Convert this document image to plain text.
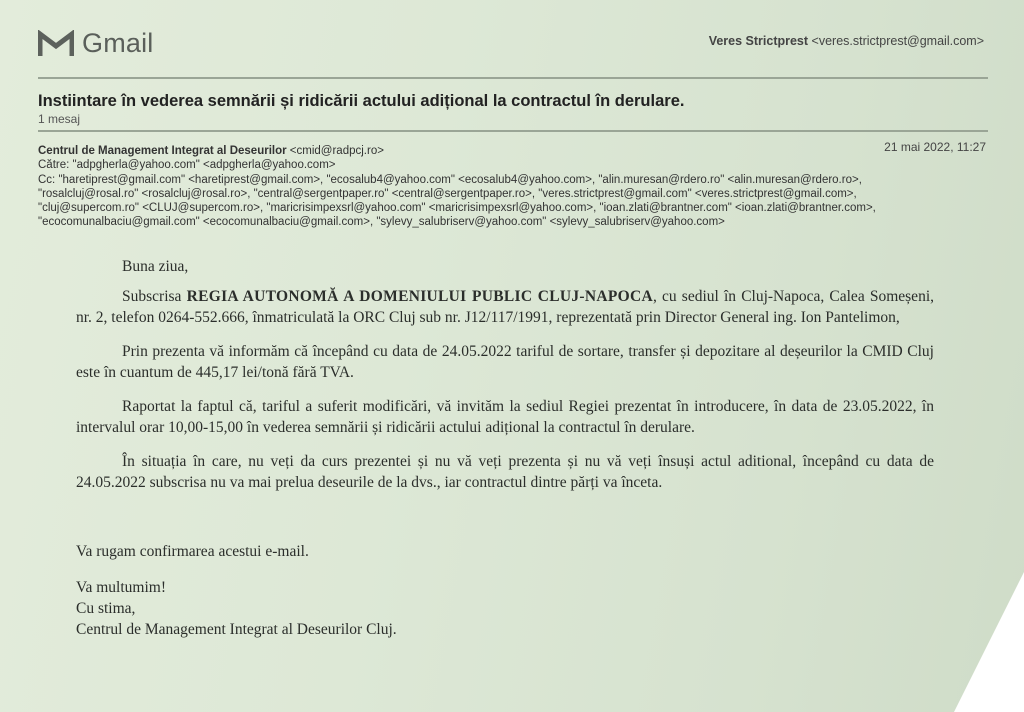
Gmail	Veres Strictprest <veres.strictprest@gmail.com>
Instiintare în vederea semnării și ridicării actului adițional la contractul în derulare.
1 mesaj
21 mai 2022, 11:27
Centrul de Management Integrat al Deseurilor <cmid@radpcj.ro>
Către: "adpgherla@yahoo.com" <adpgherla@yahoo.com>
Cc: "haretiprest@gmail.com" <haretiprest@gmail.com>, "ecosalub4@yahoo.com" <ecosalub4@yahoo.com>, "alin.muresan@rdero.ro" <alin.muresan@rdero.ro>,
"rosalcluj@rosal.ro" <rosalcluj@rosal.ro>, "central@sergentpaper.ro" <central@sergentpaper.ro>, "veres.strictprest@gmail.com" <veres.strictprest@gmail.com>,
"cluj@supercom.ro" <CLUJ@supercom.ro>, "maricrisimpexsrl@yahoo.com" <maricrisimpexsrl@yahoo.com>, "ioan.zlati@brantner.com" <ioan.zlati@brantner.com>,
"ecocomunalbaciu@gmail.com" <ecocomunalbaciu@gmail.com>, "sylevy_salubriserv@yahoo.com" <sylevy_salubriserv@yahoo.com>

Buna ziua,

Subscrisa REGIA AUTONOMĂ A DOMENIULUI PUBLIC CLUJ-NAPOCA, cu sediul în Cluj-Napoca, Calea Someșeni, nr. 2, telefon 0264-552.666, înmatriculată la ORC Cluj sub nr. J12/117/1991, reprezentată prin Director General ing. Ion Pantelimon,

Prin prezenta vă informăm că începând cu data de 24.05.2022 tariful de sortare, transfer și depozitare al deșeurilor la CMID Cluj este în cuantum de 445,17 lei/tonă fără TVA.

Raportat la faptul că, tariful a suferit modificări, vă invităm la sediul Regiei prezentat în introducere, în data de 23.05.2022, în intervalul orar 10,00-15,00 în vederea semnării și ridicării actului adițional la contractul în derulare.

În situația în care, nu veți da curs prezentei și nu vă veți prezenta și nu vă veți însuși actul aditional, începând cu data de 24.05.2022 subscrisa nu va mai prelua deseurile de la dvs., iar contractul dintre părți va înceta.

Va rugam confirmarea acestui e-mail.

Va multumim!

Cu stima,

Centrul de Management Integrat al Deseurilor Cluj.
